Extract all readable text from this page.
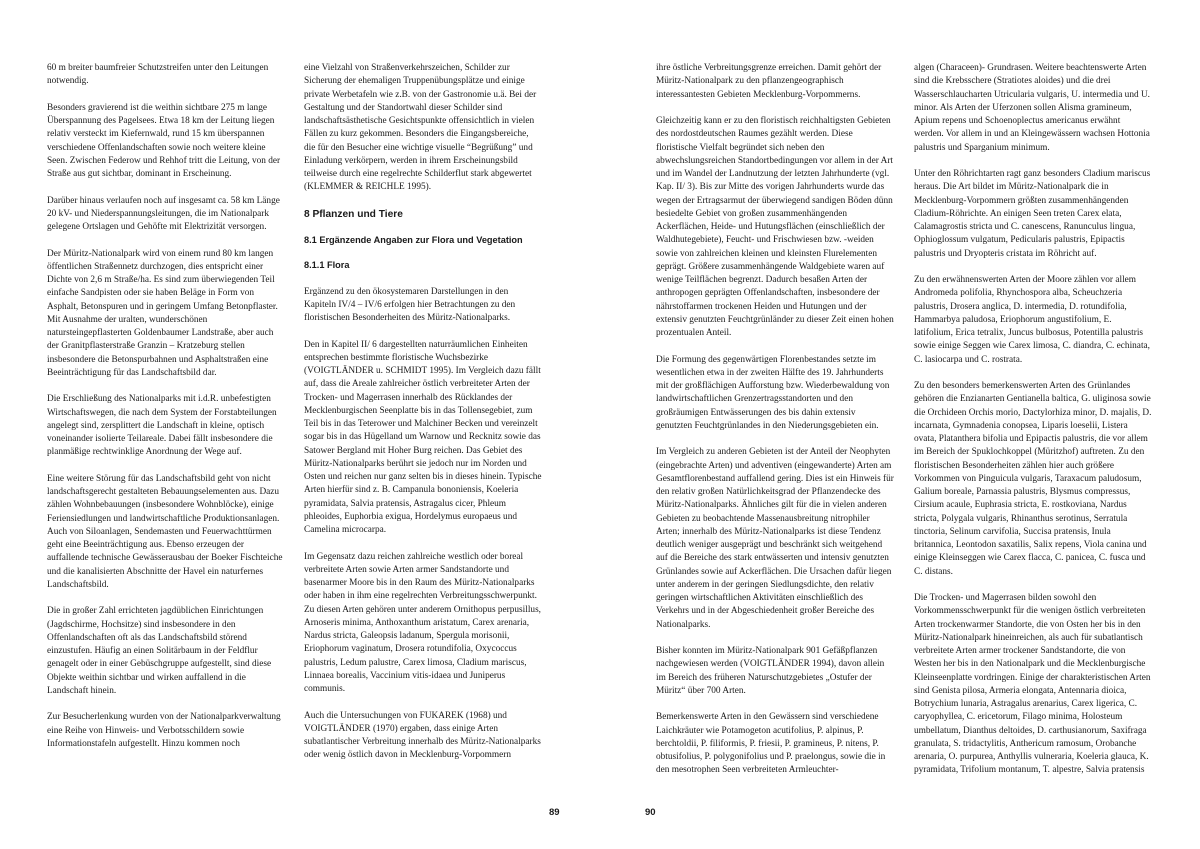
60 m breiter baumfreier Schutzstreifen unter den Leitungen notwendig.

Besonders gravierend ist die weithin sichtbare 275 m lange Überspannung des Pagelsees. Etwa 18 km der Leitung liegen relativ versteckt im Kiefernwald, rund 15 km überspannen verschiedene Offenlandschaften sowie noch weitere kleine Seen. Zwischen Federow und Rehhof tritt die Leitung, von der Straße aus gut sichtbar, dominant in Erscheinung.

Darüber hinaus verlaufen noch auf insgesamt ca. 58 km Länge 20 kV- und Niederspannungsleitungen, die im Nationalpark gelegene Ortslagen und Gehöfte mit Elektrizität versorgen.

Der Müritz-Nationalpark wird von einem rund 80 km langen öffentlichen Straßennetz durchzogen, dies entspricht einer Dichte von 2,6 m Straße/ha. Es sind zum überwiegenden Teil einfache Sandpisten oder sie haben Beläge in Form von Asphalt, Betonspuren und in geringem Umfang Betonpflaster. Mit Ausnahme der uralten, wunderschönen natursteingepflasterten Goldenbaumer Landstraße, aber auch der Granitpflasterstraße Granzin – Kratzeburg stellen insbesondere die Betonspurbahnen und Asphaltstraßen eine Beeinträchtigung für das Landschaftsbild dar.

Die Erschließung des Nationalparks mit i.d.R. unbefestigten Wirtschaftswegen, die nach dem System der Forstabteilungen angelegt sind, zersplittert die Landschaft in kleine, optisch voneinander isolierte Teilareale. Dabei fällt insbesondere die planmäßige rechtwinklige Anordnung der Wege auf.

Eine weitere Störung für das Landschaftsbild geht von nicht landschaftsgerecht gestalteten Bebauungselementen aus. Dazu zählen Wohnbebauungen (insbesondere Wohnblöcke), einige Feriensiedlungen und landwirtschaftliche Produktionsanlagen. Auch von Siloanlagen, Sendemasten und Feuerwachttürmen geht eine Beeinträchtigung aus. Ebenso erzeugen der auffallende technische Gewässerausbau der Boeker Fischteiche und die kanalisierten Abschnitte der Havel ein naturfernes Landschaftsbild.

Die in großer Zahl errichteten jagdüblichen Einrichtungen (Jagdschirme, Hochsitze) sind insbesondere in den Offenlandschaften oft als das Landschaftsbild störend einzustufen. Häufig an einen Solitärbaum in der Feldflur genagelt oder in einer Gebüschgruppe aufgestellt, sind diese Objekte weithin sichtbar und wirken auffallend in die Landschaft hinein.

Zur Besucherlenkung wurden von der Nationalparkverwaltung eine Reihe von Hinweis- und Verbotsschildern sowie Informationstafeln aufgestellt. Hinzu kommen noch

eine Vielzahl von Straßenverkehrszeichen, Schilder zur Sicherung der ehemaligen Truppenübungsplätze und einige private Werbetafeln wie z.B. von der Gastronomie u.ä. Bei der Gestaltung und der Standortwahl dieser Schilder sind landschaftsästhetische Gesichtspunkte offensichtlich in vielen Fällen zu kurz gekommen. Besonders die Eingangsbereiche, die für den Besucher eine wichtige visuelle “Begrüßung” und Einladung verkörpern, werden in ihrem Erscheinungsbild teilweise durch eine regelrechte Schilderflut stark abgewertet (KLEMMER & REICHLE 1995).

8 Pflanzen und Tiere
8.1 Ergänzende Angaben zur Flora und Vegetation
8.1.1 Flora

Ergänzend zu den ökosystemaren Darstellungen in den Kapiteln IV/4 – IV/6 erfolgen hier Betrachtungen zu den floristischen Besonderheiten des Müritz-Nationalparks.

Den in Kapitel II/ 6 dargestellten naturräumlichen Einheiten entsprechen bestimmte floristische Wuchsbezirke (VOIGTLÄNDER u. SCHMIDT 1995). Im Vergleich dazu fällt auf, dass die Areale zahlreicher östlich verbreiteter Arten der Trocken- und Magerrasen innerhalb des Rücklandes der Mecklenburgischen Seenplatte bis in das Tollensegebiet, zum Teil bis in das Teterower und Malchiner Becken und vereinzelt sogar bis in das Hügelland um Warnow und Recknitz sowie das Satower Bergland mit Hoher Burg reichen. Das Gebiet des Müritz-Nationalparks berührt sie jedoch nur im Norden und Osten und reichen nur ganz selten bis in dieses hinein. Typische Arten hierfür sind z. B. Campanula bononiensis, Koeleria pyramidata, Salvia pratensis, Astragalus cicer, Phleum phleoides, Euphorbia exigua, Hordelymus europaeus und Camelina microcarpa.

Im Gegensatz dazu reichen zahlreiche westlich oder boreal verbreitete Arten sowie Arten armer Sandstandorte und basenarmer Moore bis in den Raum des Müritz-Nationalparks oder haben in ihm eine regelrechten Verbreitungsschwerpunkt. Zu diesen Arten gehören unter anderem Ornithopus perpusillus, Arnoseris minima, Anthoxanthum aristatum, Carex arenaria, Nardus stricta, Galeopsis ladanum, Spergula morisonii, Eriophorum vaginatum, Drosera rotundifolia, Oxycoccus palustris, Ledum palustre, Carex limosa, Cladium mariscus, Linnaea borealis, Vaccinium vitis-idaea und Juniperus communis.

Auch die Untersuchungen von FUKAREK (1968) und VOIGTLÄNDER (1970) ergaben, dass einige Arten subatlantischer Verbreitung innerhalb des Müritz-Nationalparks oder wenig östlich davon in Mecklenburg-Vorpommern

89

ihre östliche Verbreitungsgrenze erreichen. Damit gehört der Müritz-Nationalpark zu den pflanzengeographisch interessantesten Gebieten Mecklenburg-Vorpommerns.

Gleichzeitig kann er zu den floristisch reichhaltigsten Gebieten des nordostdeutschen Raumes gezählt werden. Diese floristische Vielfalt begründet sich neben den abwechslungsreichen Standortbedingungen vor allem in der Art und im Wandel der Landnutzung der letzten Jahrhunderte (vgl. Kap. II/ 3). Bis zur Mitte des vorigen Jahrhunderts wurde das wegen der Ertragsarmut der überwiegend sandigen Böden dünn besiedelte Gebiet von großen zusammenhängenden Ackerflächen, Heide- und Hutungsflächen (einschließlich der Waldhutegebiete), Feucht- und Frischwiesen bzw. -weiden sowie von zahlreichen kleinen und kleinsten Flurelementen geprägt. Größere zusammenhängende Waldgebiete waren auf wenige Teilflächen begrenzt. Dadurch besaßen Arten der anthropogen geprägten Offenlandschaften, insbesondere der nährstoffarmen trockenen Heiden und Hutungen und der extensiv genutzten Feuchtgrünländer zu dieser Zeit einen hohen prozentualen Anteil.

Die Formung des gegenwärtigen Florenbestandes setzte im wesentlichen etwa in der zweiten Hälfte des 19. Jahrhunderts mit der großflächigen Aufforstung bzw. Wiederbewaldung von landwirtschaftlichen Grenzertragsstandorten und den großräumigen Entwässerungen des bis dahin extensiv genutzten Feuchtgrünlandes in den Niederungsgebieten ein.

Im Vergleich zu anderen Gebieten ist der Anteil der Neophyten (eingebrachte Arten) und adventiven (eingewanderte) Arten am Gesamtflorenbestand auffallend gering. Dies ist ein Hinweis für den relativ großen Natürlichkeitsgrad der Pflanzendecke des Müritz-Nationalparks. Ähnliches gilt für die in vielen anderen Gebieten zu beobachtende Massenausbreitung nitrophiler Arten; innerhalb des Müritz-Nationalparks ist diese Tendenz deutlich weniger ausgeprägt und beschränkt sich weitgehend auf die Bereiche des stark entwässerten und intensiv genutzten Grünlandes sowie auf Ackerflächen. Die Ursachen dafür liegen unter anderem in der geringen Siedlungsdichte, den relativ geringen wirtschaftlichen Aktivitäten einschließlich des Verkehrs und in der Abgeschiedenheit großer Bereiche des Nationalparks.

Bisher konnten im Müritz-Nationalpark 901 Gefäßpflanzen nachgewiesen werden (VOIGTLÄNDER 1994), davon allein im Bereich des früheren Naturschutzgebietes „Ostufer der Müritz“ über 700 Arten.

Bemerkenswerte Arten in den Gewässern sind verschiedene Laichkräuter wie Potamogeton acutifolius, P. alpinus, P. berchtoldii, P. filiformis, P. friesii, P. gramineus, P. nitens, P. obtusifolius, P. polygonifolius und P. praelongus, sowie die in den mesotrophen Seen verbreiteten Armleuchter-

algen (Characeen)- Grundrasen. Weitere beachtenswerte Arten sind die Krebsschere (Stratiotes aloides) und die drei Wasserschlaucharten Utricularia vulgaris, U. intermedia und U. minor. Als Arten der Uferzonen sollen Alisma gramineum, Apium repens und Schoenoplectus americanus erwähnt werden. Vor allem in und an Kleingewässern wachsen Hottonia palustris und Sparganium minimum.

Unter den Röhrichtarten ragt ganz besonders Cladium mariscus heraus. Die Art bildet im Müritz-Nationalpark die in Mecklenburg-Vorpommern größten zusammenhängenden Cladium-Röhrichte. An einigen Seen treten Carex elata, Calamagrostis stricta und C. canescens, Ranunculus lingua, Ophioglossum vulgatum, Pedicularis palustris, Epipactis palustris und Dryopteris cristata im Röhricht auf.

Zu den erwähnenswerten Arten der Moore zählen vor allem Andromeda polifolia, Rhynchospora alba, Scheuchzeria palustris, Drosera anglica, D. intermedia, D. rotundifolia, Hammarbya paludosa, Eriophorum angustifolium, E. latifolium, Erica tetralix, Juncus bulbosus, Potentilla palustris sowie einige Seggen wie Carex limosa, C. diandra, C. echinata, C. lasiocarpa und C. rostrata.

Zu den besonders bemerkenswerten Arten des Grünlandes gehören die Enzianarten Gentianella baltica, G. uliginosa sowie die Orchideen Orchis morio, Dactylorhiza minor, D. majalis, D. incarnata, Gymnadenia conopsea, Liparis loeselii, Listera ovata, Platanthera bifolia und Epipactis palustris, die vor allem im Bereich der Spuklochkoppel (Müritzhof) auftreten. Zu den floristischen Besonderheiten zählen hier auch größere Vorkommen von Pinguicula vulgaris, Taraxacum paludosum, Galium boreale, Parnassia palustris, Blysmus compressus, Cirsium acaule, Euphrasia stricta, E. rostkoviana, Nardus stricta, Polygala vulgaris, Rhinanthus serotinus, Serratula tinctoria, Selinum carvifolia, Succisa pratensis, Inula britannica, Leontodon saxatilis, Salix repens, Viola canina und einige Kleinseggen wie Carex flacca, C. panicea, C. fusca und C. distans.

Die Trocken- und Magerrasen bilden sowohl den Vorkommensschwerpunkt für die wenigen östlich verbreiteten Arten trockenwarmer Standorte, die von Osten her bis in den Müritz-Nationalpark hineinreichen, als auch für subatlantisch verbreitete Arten armer trockener Sandstandorte, die von Westen her bis in den Nationalpark und die Mecklenburgische Kleinseenplatte vordringen. Einige der charakteristischen Arten sind Genista pilosa, Armeria elongata, Antennaria dioica, Botrychium lunaria, Astragalus arenarius, Carex ligerica, C. caryophyllea, C. ericetorum, Filago minima, Holosteum umbellatum, Dianthus deltoides, D. carthusianorum, Saxifraga granulata, S. tridactylitis, Anthericum ramosum, Orobanche arenaria, O. purpurea, Anthyllis vulneraria, Koeleria glauca, K. pyramidata, Trifolium montanum, T. alpestre, Salvia pratensis

90
